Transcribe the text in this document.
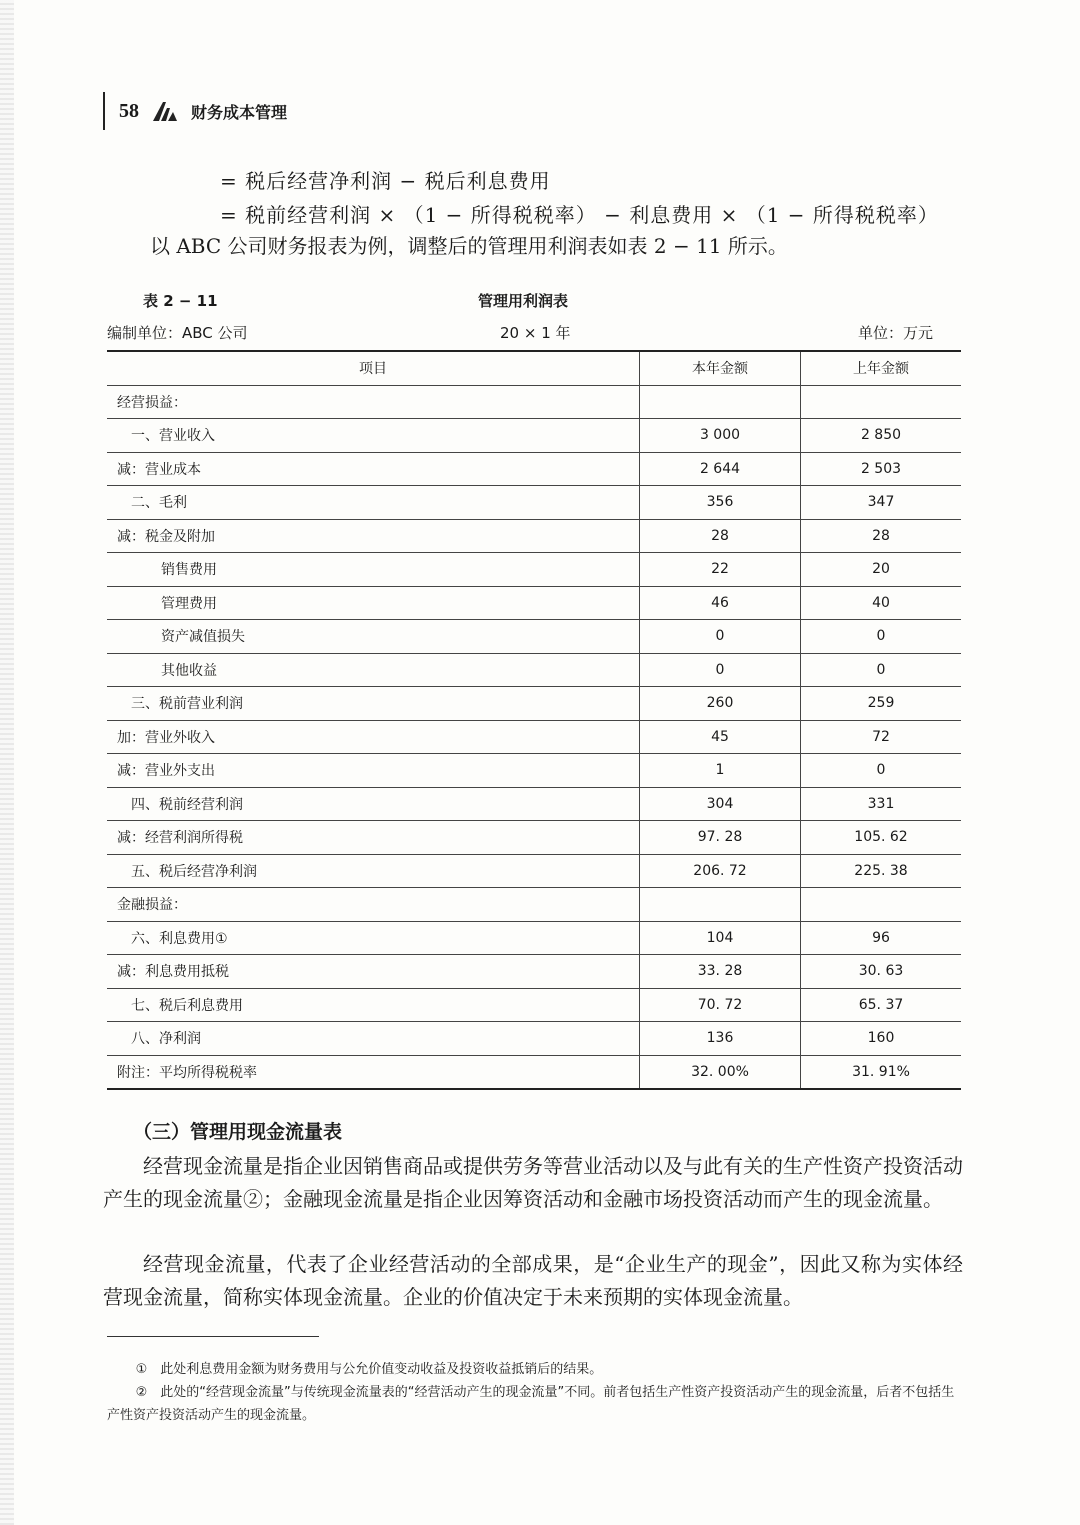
58	财务成本管理
= 税后经营净利润 − 税后利息费用
= 税前经营利润 × （1 − 所得税税率） − 利息费用 × （1 − 所得税税率）
以 ABC 公司财务报表为例，调整后的管理用利润表如表 2 − 11 所示。
表 2 − 11	管理用利润表
编制单位：ABC 公司	20 × 1 年	单位：万元
项目	本年金额	上年金额
经营损益：		
一、营业收入	3 000	2 850
减：营业成本	2 644	2 503
二、毛利	356	347
减：税金及附加	28	28
销售费用	22	20
管理费用	46	40
资产减值损失	0	0
其他收益	0	0
三、税前营业利润	260	259
加：营业外收入	45	72
减：营业外支出	1	0
四、税前经营利润	304	331
减：经营利润所得税	97. 28	105. 62
五、税后经营净利润	206. 72	225. 38
金融损益：		
六、利息费用①	104	96
减：利息费用抵税	33. 28	30. 63
七、税后利息费用	70. 72	65. 37
八、净利润	136	160
附注：平均所得税税率	32. 00%	31. 91%
（三）管理用现金流量表

经营现金流量是指企业因销售商品或提供劳务等营业活动以及与此有关的生产性资产投资活动产生的现金流量②；金融现金流量是指企业因筹资活动和金融市场投资活动而产生的现金流量。

经营现金流量，代表了企业经营活动的全部成果，是“企业生产的现金”，因此又称为实体经营现金流量，简称实体现金流量。企业的价值决定于未来预期的实体现金流量。

①　此处利息费用金额为财务费用与公允价值变动收益及投资收益抵销后的结果。

②　此处的“经营现金流量”与传统现金流量表的“经营活动产生的现金流量”不同。前者包括生产性资产投资活动产生的现金流量，后者不包括生产性资产投资活动产生的现金流量。
